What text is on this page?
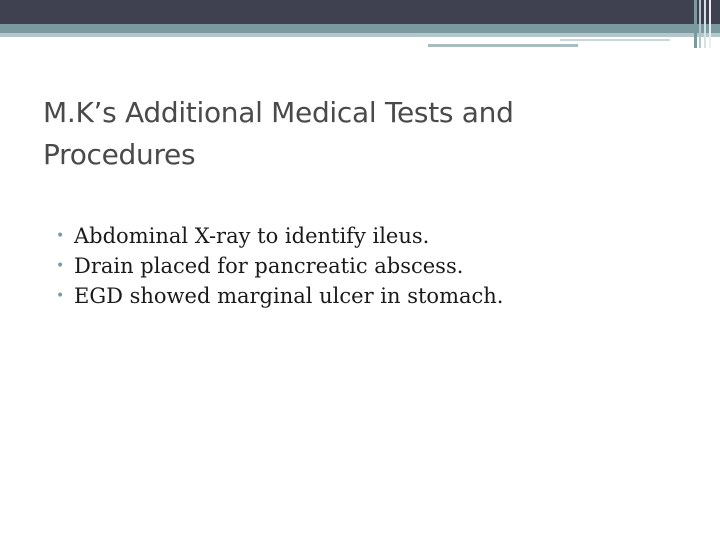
M.K’s Additional Medical Tests and Procedures
• Abdominal X-ray to identify ileus.
• Drain placed for pancreatic abscess.
• EGD showed marginal ulcer in stomach.
